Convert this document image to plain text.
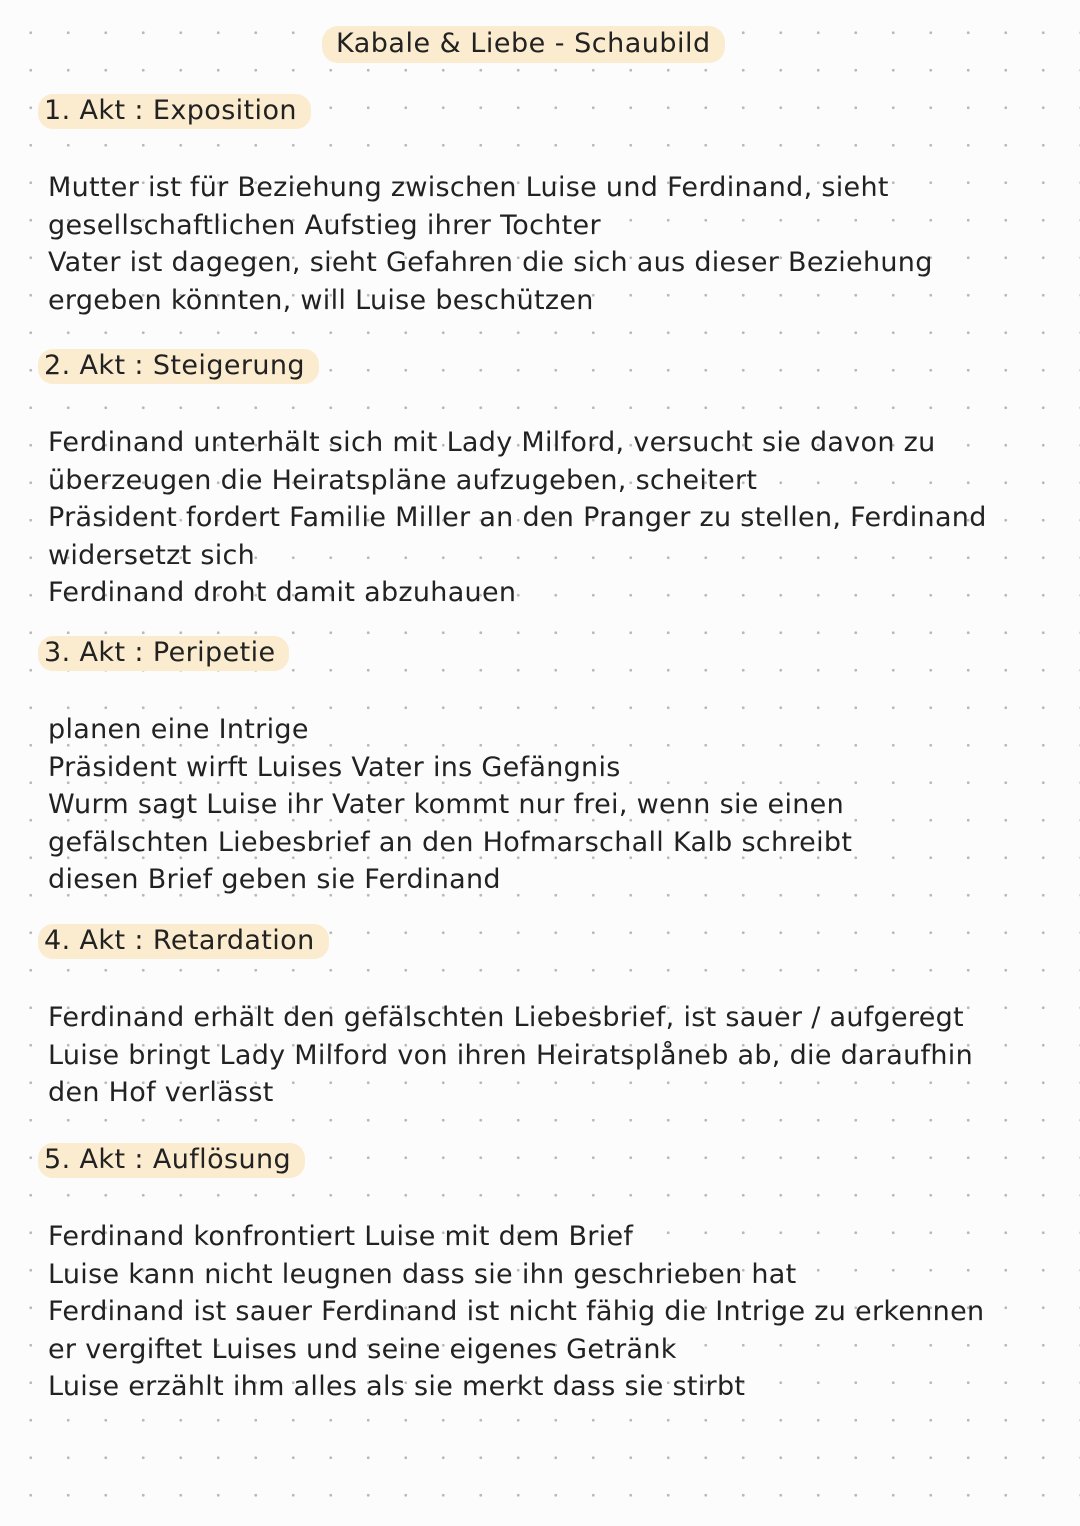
Kabale & Liebe - Schaubild
1. Akt : Exposition
Mutter ist für Beziehung zwischen Luise und Ferdinand, sieht
gesellschaftlichen Aufstieg ihrer Tochter
Vater ist dagegen, sieht Gefahren die sich aus dieser Beziehung
ergeben könnten, will Luise beschützen
2. Akt : Steigerung
Ferdinand unterhält sich mit Lady Milford, versucht sie davon zu
überzeugen die Heiratspläne aufzugeben, scheitert
Präsident fordert Familie Miller an den Pranger zu stellen, Ferdinand
widersetzt sich
Ferdinand droht damit abzuhauen
3. Akt : Peripetie
planen eine Intrige
Präsident wirft Luises Vater ins Gefängnis
Wurm sagt Luise ihr Vater kommt nur frei, wenn sie einen
gefälschten Liebesbrief an den Hofmarschall Kalb schreibt
diesen Brief geben sie Ferdinand
4. Akt : Retardation
Ferdinand erhält den gefälschten Liebesbrief, ist sauer / aufgeregt
Luise bringt Lady Milford von ihren Heiratsplåneb ab, die daraufhin
den Hof verlässt
5. Akt : Auflösung
Ferdinand konfrontiert Luise mit dem Brief
Luise kann nicht leugnen dass sie ihn geschrieben hat
Ferdinand ist sauer Ferdinand ist nicht fähig die Intrige zu erkennen
er vergiftet Luises und seine eigenes Getränk
Luise erzählt ihm alles als sie merkt dass sie stirbt
